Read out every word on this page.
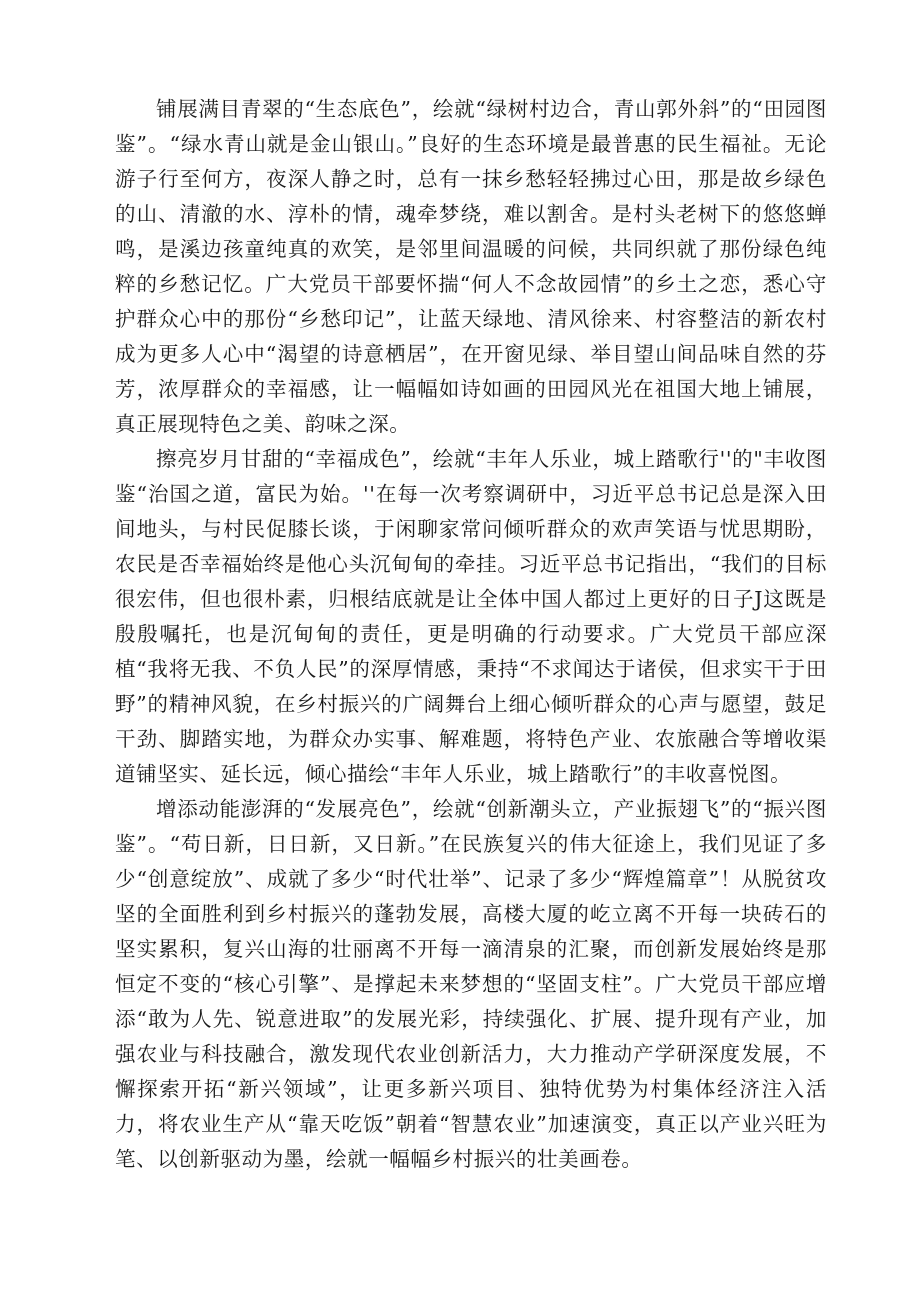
铺展满目青翠的“生态底色”，绘就“绿树村边合，青山郭外斜”的“田园图鉴”。“绿水青山就是金山银山。”良好的生态环境是最普惠的民生福祉。无论游子行至何方，夜深人静之时，总有一抹乡愁轻轻拂过心田，那是故乡绿色的山、清澈的水、淳朴的情，魂牵梦绕，难以割舍。是村头老树下的悠悠蝉鸣，是溪边孩童纯真的欢笑，是邻里间温暖的问候，共同织就了那份绿色纯粹的乡愁记忆。广大党员干部要怀揣“何人不念故园情”的乡土之恋，悉心守护群众心中的那份“乡愁印记”，让蓝天绿地、清风徐来、村容整洁的新农村成为更多人心中“渴望的诗意栖居”，在开窗见绿、举目望山间品味自然的芬芳，浓厚群众的幸福感，让一幅幅如诗如画的田园风光在祖国大地上铺展，真正展现特色之美、韵味之深。

擦亮岁月甘甜的“幸福成色”，绘就“丰年人乐业，城上踏歌行''的"丰收图鉴“治国之道，富民为始。''在每一次考察调研中，习近平总书记总是深入田间地头，与村民促膝长谈，于闲聊家常问倾听群众的欢声笑语与忧思期盼，农民是否幸福始终是他心头沉甸甸的牵挂。习近平总书记指出，“我们的目标很宏伟，但也很朴素，归根结底就是让全体中国人都过上更好的日子J这既是殷殷嘱托，也是沉甸甸的责任，更是明确的行动要求。广大党员干部应深植“我将无我、不负人民”的深厚情感，秉持“不求闻达于诸侯，但求实干于田野”的精神风貌，在乡村振兴的广阔舞台上细心倾听群众的心声与愿望，鼓足干劲、脚踏实地，为群众办实事、解难题，将特色产业、农旅融合等增收渠道铺坚实、延长远，倾心描绘“丰年人乐业，城上踏歌行”的丰收喜悦图。

增添动能澎湃的“发展亮色”，绘就“创新潮头立，产业振翅飞”的“振兴图鉴”。“苟日新，日日新，又日新。”在民族复兴的伟大征途上，我们见证了多少“创意绽放”、成就了多少“时代壮举”、记录了多少“辉煌篇章”！从脱贫攻坚的全面胜利到乡村振兴的蓬勃发展，高楼大厦的屹立离不开每一块砖石的坚实累积，复兴山海的壮丽离不开每一滴清泉的汇聚，而创新发展始终是那恒定不变的“核心引擎”、是撑起未来梦想的“坚固支柱”。广大党员干部应增添“敢为人先、锐意进取”的发展光彩，持续强化、扩展、提升现有产业，加强农业与科技融合，激发现代农业创新活力，大力推动产学研深度发展，不懈探索开拓“新兴领域”，让更多新兴项目、独特优势为村集体经济注入活力，将农业生产从“靠天吃饭”朝着“智慧农业”加速演变，真正以产业兴旺为笔、以创新驱动为墨，绘就一幅幅乡村振兴的壮美画卷。
